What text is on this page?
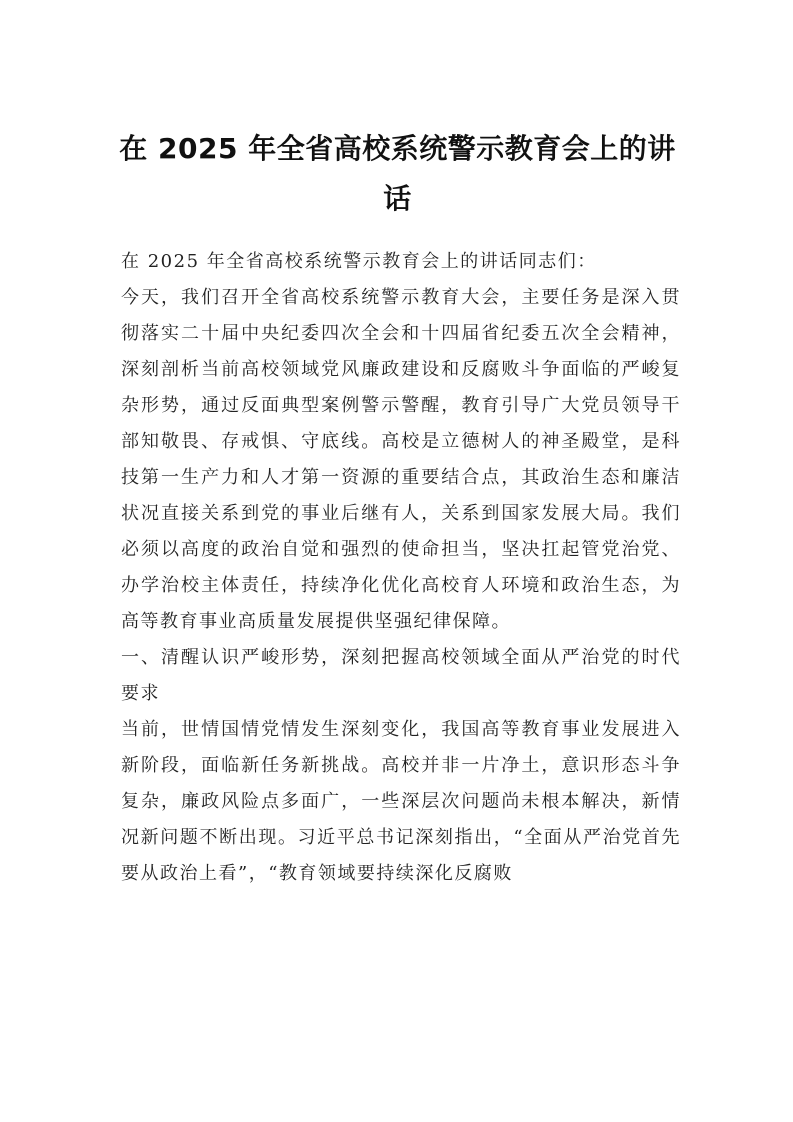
在 2025 年全省高校系统警示教育会上的讲话

在 2025 年全省高校系统警示教育会上的讲话同志们：

今天，我们召开全省高校系统警示教育大会，主要任务是深入贯彻落实二十届中央纪委四次全会和十四届省纪委五次全会精神，深刻剖析当前高校领域党风廉政建设和反腐败斗争面临的严峻复杂形势，通过反面典型案例警示警醒，教育引导广大党员领导干部知敬畏、存戒惧、守底线。高校是立德树人的神圣殿堂，是科技第一生产力和人才第一资源的重要结合点，其政治生态和廉洁状况直接关系到党的事业后继有人，关系到国家发展大局。我们必须以高度的政治自觉和强烈的使命担当，坚决扛起管党治党、办学治校主体责任，持续净化优化高校育人环境和政治生态，为高等教育事业高质量发展提供坚强纪律保障。

一、清醒认识严峻形势，深刻把握高校领域全面从严治党的时代要求

当前，世情国情党情发生深刻变化，我国高等教育事业发展进入新阶段，面临新任务新挑战。高校并非一片净土，意识形态斗争复杂，廉政风险点多面广，一些深层次问题尚未根本解决，新情况新问题不断出现。习近平总书记深刻指出，“全面从严治党首先要从政治上看”，“教育领域要持续深化反腐败
